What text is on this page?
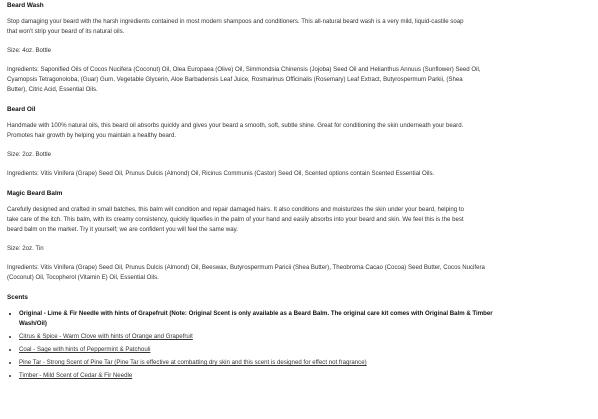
Beard Wash

Stop damaging your beard with the harsh ingredients contained in most modern shampoos and conditioners. This all-natural beard wash is a very mild, liquid-castile soap
that won't strip your beard of its natural oils.

Size: 4oz. Bottle

Ingredients: Saponified Oils of Cocos Nucifera (Coconut) Oil, Olea Europaea (Olive) Oil, Simmondsia Chinensis (Jojoba) Seed Oil and Helianthus Annuus (Sunflower) Seed Oil,
Cyamopsis Tetragonoloba, (Guar) Gum, Vegetable Glycerin, Aloe Barbadensis Leaf Juice, Rosmarinus Officinalis (Rosemary) Leaf Extract, Butyrospermum Parkii, (Shea
Butter), Citric Acid, Essential Oils.

Beard Oil

Handmade with 100% natural oils, this beard oil absorbs quickly and gives your beard a smooth, soft, subtle shine. Great for conditioning the skin underneath your beard.
Promotes hair growth by helping you maintain a healthy beard.

Size: 2oz. Bottle

Ingredients: Vitis Vinifera (Grape) Seed Oil, Prunus Dulcis (Almond) Oil, Ricinus Communis (Castor) Seed Oil, Scented options contain Scented Essential Oils.

Magic Beard Balm

Carefully designed and crafted in small batches, this balm will condition and repair damaged hairs. It also conditions and moisturizes the skin under your beard, helping to
take care of the itch. This balm, with its creamy consistency, quickly liquefies in the palm of your hand and easily absorbs into your beard and skin. We feel this is the best
beard balm on the market. Try it yourself; we are confident you will feel the same way.

Size: 2oz. Tin

Ingredients: Vitis Vinifera (Grape) Seed Oil, Prunus Dulcis (Almond) Oil, Beeswax, Butyrospermum Paricii (Shea Butter), Theobroma Cacao (Cocoa) Seed Butter, Cocos Nucifera
(Coconut) Oil, Tocopherol (Vitamin E) Oil, Essential Oils.

Scents
• Original - Lime & Fir Needle with hints of Grapefruit (Note: Original Scent is only available as a Beard Balm. The original care kit comes with Original Balm & Timber
Wash/Oil)
• Citrus & Spice - Warm Clove with hints of Orange and Grapefruit
• Coal - Sage with hints of Peppermint & Patchouli
• Pine Tar - Strong Scent of Pine Tar (Pine Tar is effective at combatting dry skin and this scent is designed for effect not fragrance)
• Timber - Mild Scent of Cedar & Fir Needle
